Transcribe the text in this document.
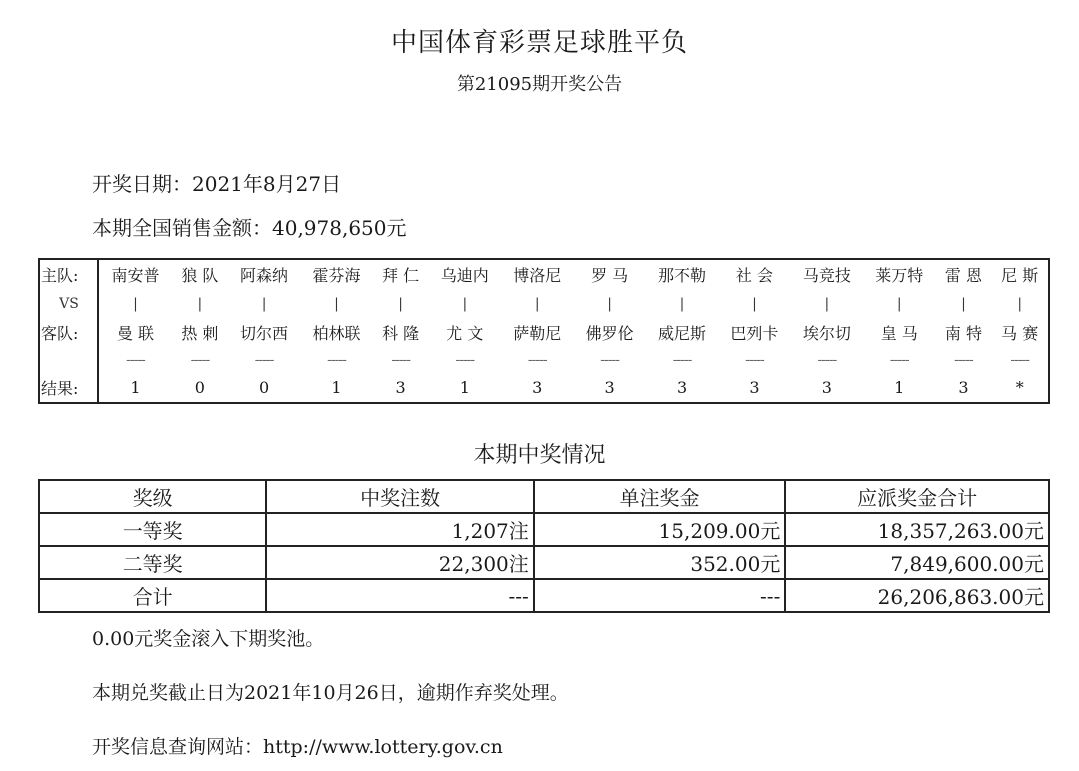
中国体育彩票足球胜平负
第21095期开奖公告
开奖日期：2021年8月27日
本期全国销售金额：40,978,650元
主队:	南安普	狼 队	阿森纳	霍芬海	拜 仁	乌迪内	博洛尼	罗 马	那不勒	社 会	马竞技	莱万特	雷 恩	尼 斯
VS	|	|	|	|	|	|	|	|	|	|	|	|	|	|
客队:	曼 联	热 刺	切尔西	柏林联	科 隆	尤 文	萨勒尼	佛罗伦	威尼斯	巴列卡	埃尔切	皇 马	南 特	马 赛
	-----	-----	-----	-----	-----	-----	-----	-----	-----	-----	-----	-----	-----	-----
结果:	1	0	0	1	3	1	3	3	3	3	3	1	3	*
本期中奖情况
奖级	中奖注数	单注奖金	应派奖金合计
一等奖	1,207注	15,209.00元	18,357,263.00元
二等奖	22,300注	352.00元	7,849,600.00元
合计	---	---	26,206,863.00元
0.00元奖金滚入下期奖池。
本期兑奖截止日为2021年10月26日，逾期作弃奖处理。
开奖信息查询网站：http://www.lottery.gov.cn
